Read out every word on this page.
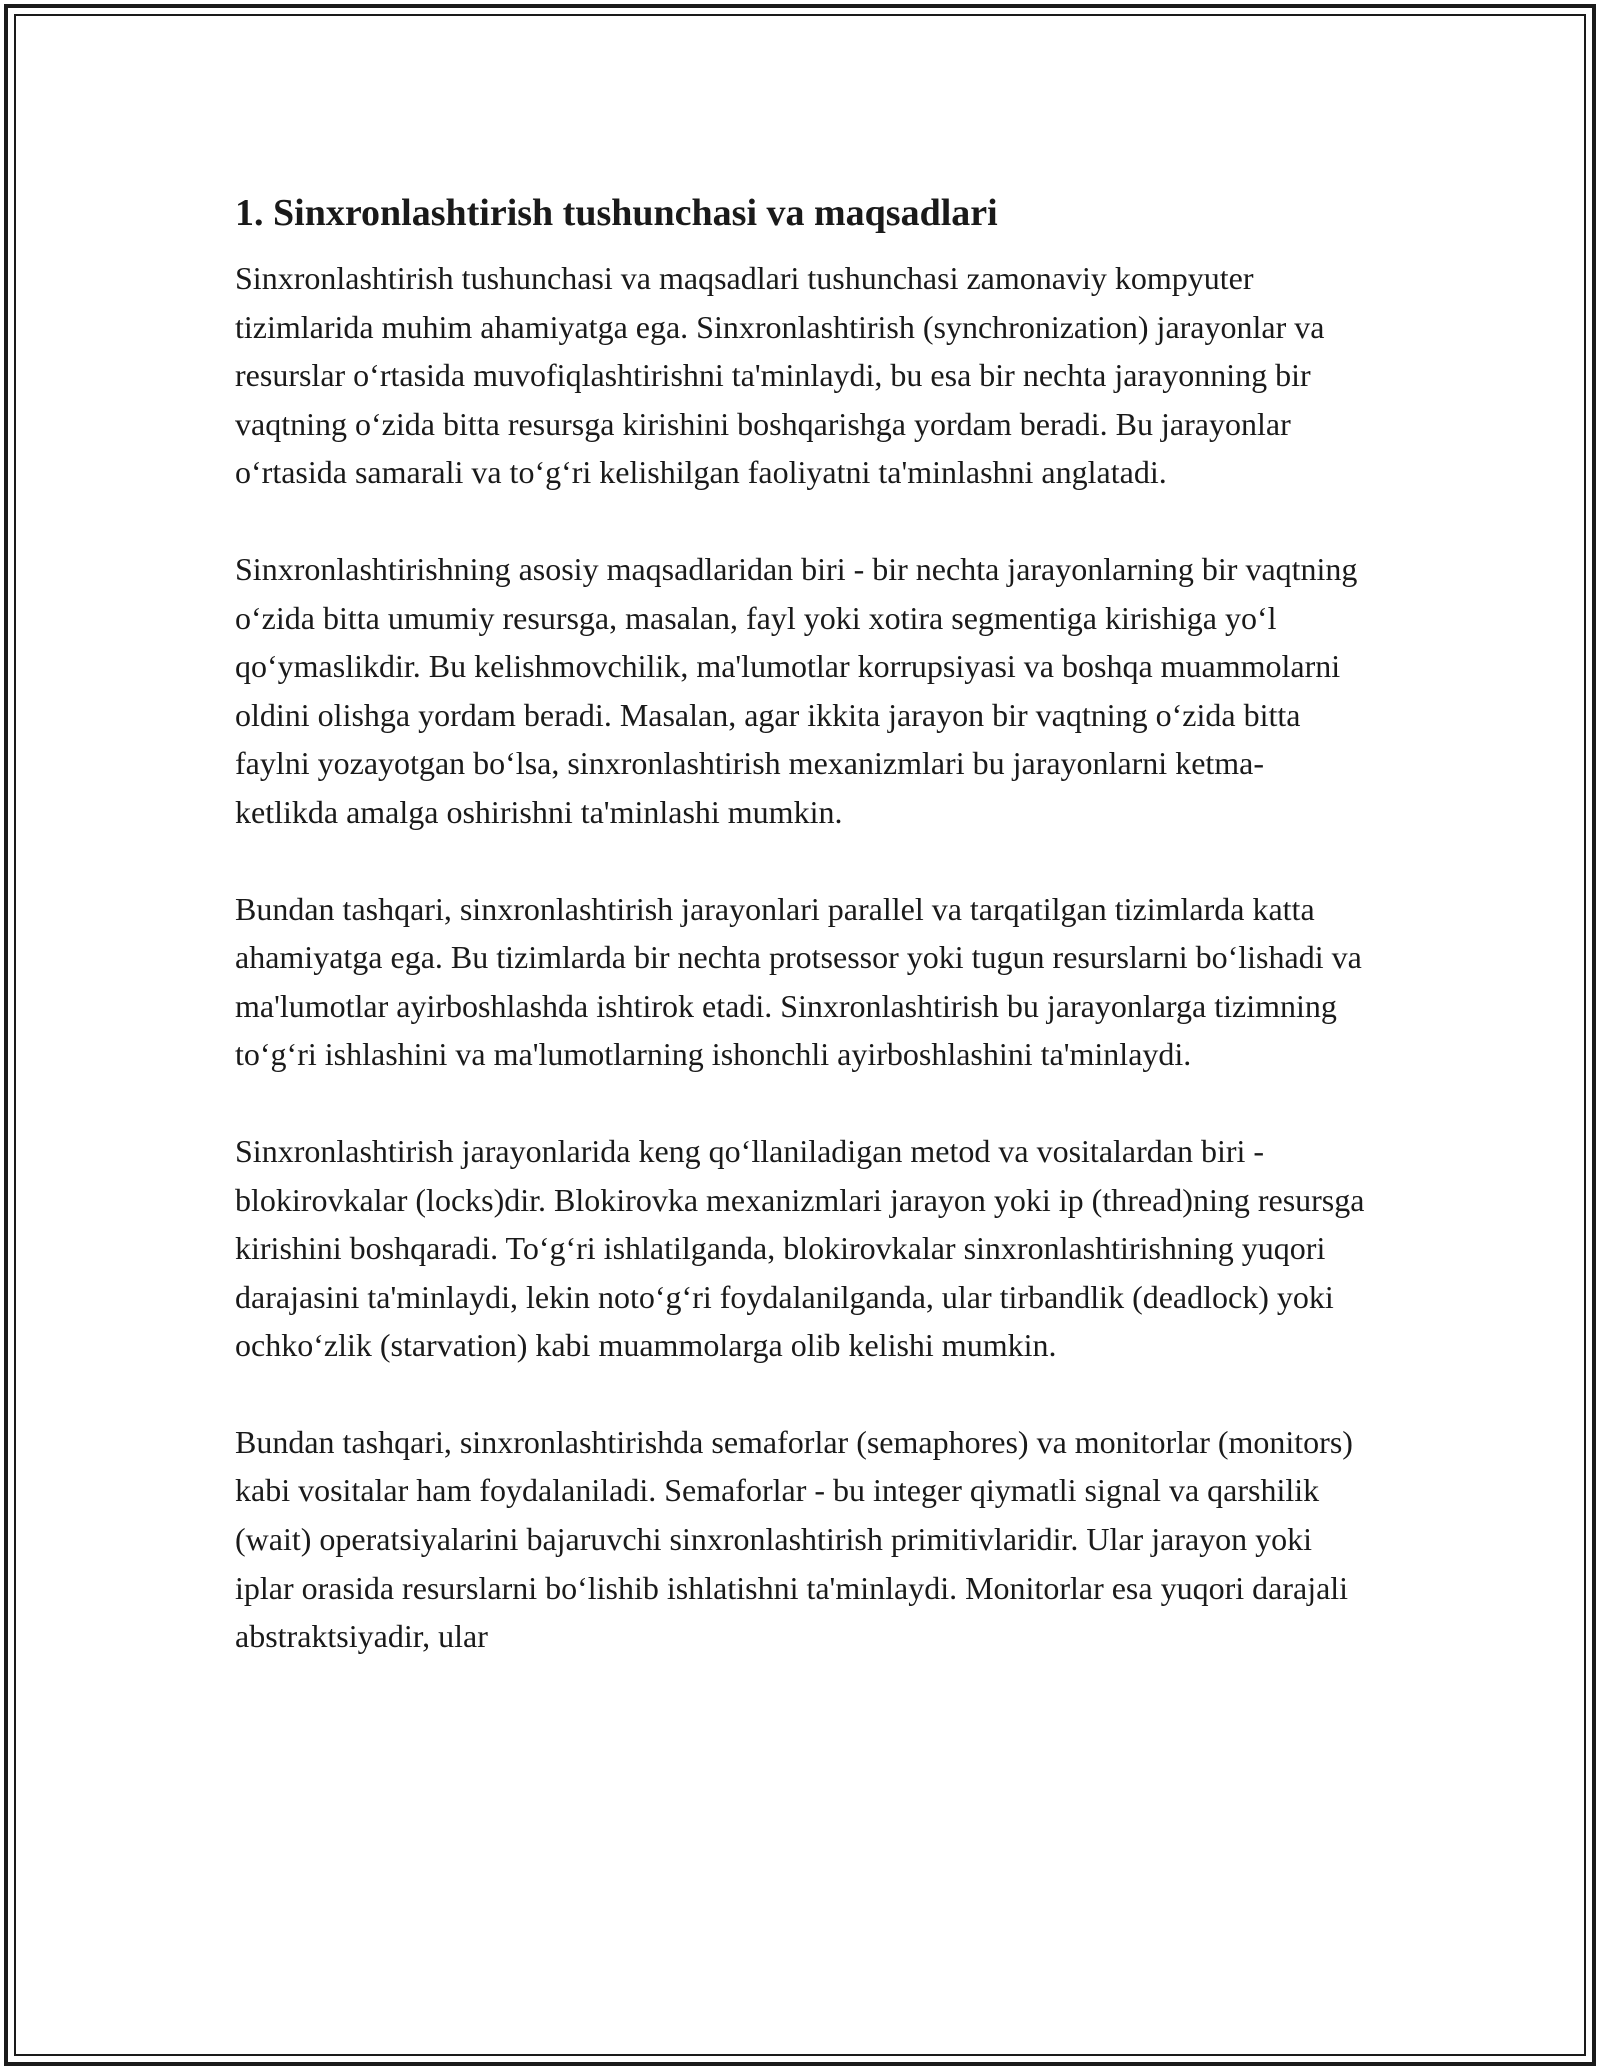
1. Sinxronlashtirish tushunchasi va maqsadlari

Sinxronlashtirish tushunchasi va maqsadlari tushunchasi zamonaviy kompyuter tizimlarida muhim ahamiyatga ega. Sinxronlashtirish (synchronization) jarayonlar va resurslar oʻrtasida muvofiqlashtirishni ta'minlaydi, bu esa bir nechta jarayonning bir vaqtning oʻzida bitta resursga kirishini boshqarishga yordam beradi. Bu jarayonlar oʻrtasida samarali va toʻgʻri kelishilgan faoliyatni ta'minlashni anglatadi.

Sinxronlashtirishning asosiy maqsadlaridan biri - bir nechta jarayonlarning bir vaqtning oʻzida bitta umumiy resursga, masalan, fayl yoki xotira segmentiga kirishiga yoʻl qoʻymaslikdir. Bu kelishmovchilik, ma'lumotlar korrupsiyasi va boshqa muammolarni oldini olishga yordam beradi. Masalan, agar ikkita jarayon bir vaqtning oʻzida bitta faylni yozayotgan boʻlsa, sinxronlashtirish mexanizmlari bu jarayonlarni ketma-ketlikda amalga oshirishni ta'minlashi mumkin.

Bundan tashqari, sinxronlashtirish jarayonlari parallel va tarqatilgan tizimlarda katta ahamiyatga ega. Bu tizimlarda bir nechta protsessor yoki tugun resurslarni boʻlishadi va ma'lumotlar ayirboshlashda ishtirok etadi. Sinxronlashtirish bu jarayonlarga tizimning toʻgʻri ishlashini va ma'lumotlarning ishonchli ayirboshlashini ta'minlaydi.

Sinxronlashtirish jarayonlarida keng qoʻllaniladigan metod va vositalardan biri - blokirovkalar (locks)dir. Blokirovka mexanizmlari jarayon yoki ip (thread)ning resursga kirishini boshqaradi. Toʻgʻri ishlatilganda, blokirovkalar sinxronlashtirishning yuqori darajasini ta'minlaydi, lekin notoʻgʻri foydalanilganda, ular tirbandlik (deadlock) yoki ochkoʻzlik (starvation) kabi muammolarga olib kelishi mumkin.

Bundan tashqari, sinxronlashtirishda semaforlar (semaphores) va monitorlar (monitors) kabi vositalar ham foydalaniladi. Semaforlar - bu integer qiymatli signal va qarshilik (wait) operatsiyalarini bajaruvchi sinxronlashtirish primitivlaridir. Ular jarayon yoki iplar orasida resurslarni boʻlishib ishlatishni ta'minlaydi. Monitorlar esa yuqori darajali abstraktsiyadir, ular
